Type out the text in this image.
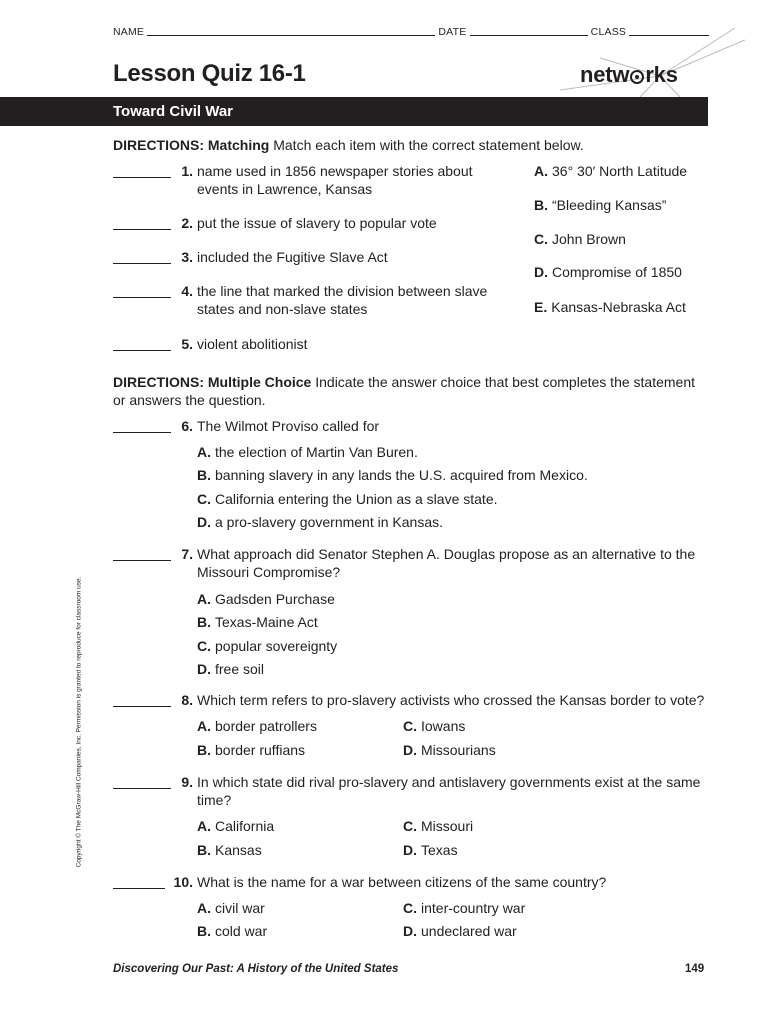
NAME	DATE	CLASS
Lesson Quiz 16-1	netw rks
Toward Civil War
DIRECTIONS: Matching Match each item with the correct statement below.
1. name used in 1856 newspaper stories about
events in Lawrence, Kansas
2. put the issue of slavery to popular vote
3. included the Fugitive Slave Act
4. the line that marked the division between slave
states and non-slave states
5. violent abolitionist
A. 36° 30′ North Latitude
B. “Bleeding Kansas”
C. John Brown
D. Compromise of 1850
E. Kansas-Nebraska Act
DIRECTIONS: Multiple Choice Indicate the answer choice that best completes the statement
or answers the question.
6. The Wilmot Proviso called for
A. the election of Martin Van Buren.
B. banning slavery in any lands the U.S. acquired from Mexico.
C. California entering the Union as a slave state.
D. a pro-slavery government in Kansas.
7. What approach did Senator Stephen A. Douglas propose as an alternative to the
Missouri Compromise?
A. Gadsden Purchase
B. Texas-Maine Act
C. popular sovereignty
D. free soil
8. Which term refers to pro-slavery activists who crossed the Kansas border to vote?
A. border patrollers
B. border ruffians
C. Iowans
D. Missourians
9. In which state did rival pro-slavery and antislavery governments exist at the same
time?
A. California
B. Kansas
C. Missouri
D. Texas
10. What is the name for a war between citizens of the same country?
A. civil war
B. cold war
C. inter-country war
D. undeclared war
Copyright © The McGraw-Hill Companies, Inc. Permission is granted to reproduce for classroom use.
Discovering Our Past: A History of the United States	149
